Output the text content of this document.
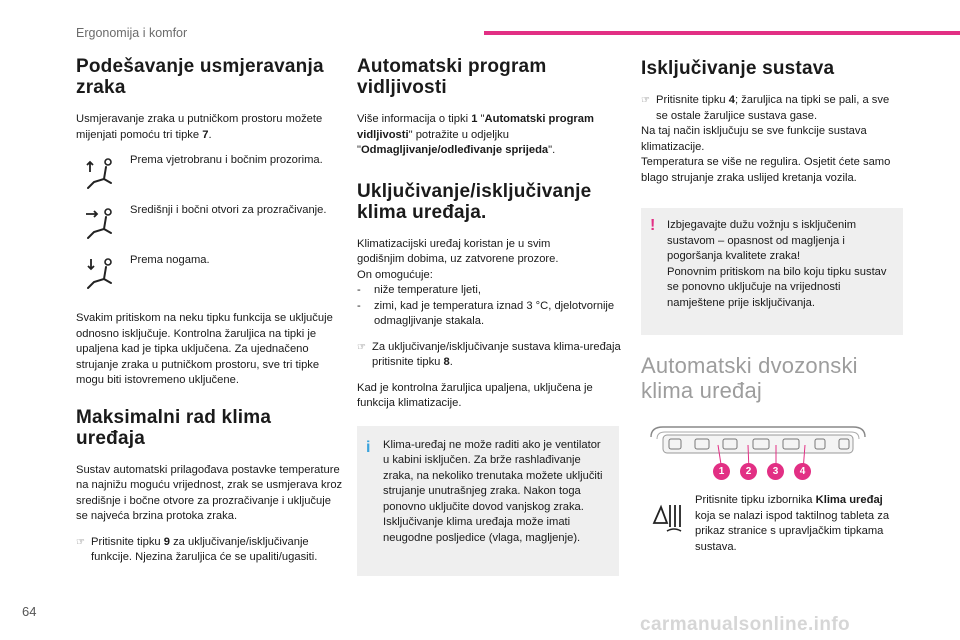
Ergonomija i komfor
Podešavanje usmjeravanja zraka

Usmjeravanje zraka u putničkom prostoru možete mijenjati pomoću tri tipke 7.

Prema vjetrobranu i bočnim prozorima.
Središnji i bočni otvori za prozračivanje.
Prema nogama.

Svakim pritiskom na neku tipku funkcija se uključuje odnosno isključuje. Kontrolna žaruljica na tipki je upaljena kad je tipka uključena. Za ujednačeno strujanje zraka u putničkom prostoru, sve tri tipke mogu biti istovremeno uključene.

Maksimalni rad klima uređaja

Sustav automatski prilagođava postavke temperature na najnižu moguću vrijednost, zrak se usmjerava kroz središnje i bočne otvore za prozračivanje i uključuje se najveća brzina protoka zraka.

☞ Pritisnite tipku 9 za uključivanje/isključivanje funkcije. Njezina žaruljica će se upaliti/ugasiti.
Automatski program vidljivosti

Više informacija o tipki 1 "Automatski program vidljivosti" potražite u odjeljku "Odmagljivanje/odleđivanje sprijeda".

Uključivanje/isključivanje klima uređaja.

Klimatizacijski uređaj koristan je u svim godišnjim dobima, uz zatvorene prozore.

On omogućuje:

- niže temperature ljeti,
- zimi, kad je temperatura iznad 3 °C, djelotvornije odmagljivanje stakala.
☞ Za uključivanje/isključivanje sustava klima-uređaja pritisnite tipku 8.

Kad je kontrolna žaruljica upaljena, uključena je funkcija klimatizacije.

i Klima-uređaj ne može raditi ako je ventilator u kabini isključen. Za brže rashlađivanje zraka, na nekoliko trenutaka možete uključiti strujanje unutrašnjeg zraka. Nakon toga ponovno uključite dovod vanjskog zraka. Isključivanje klima uređaja može imati neugodne posljedice (vlaga, magljenje).

Isključivanje sustava
☞ Pritisnite tipku 4; žaruljica na tipki se pali, a sve se ostale žaruljice sustava gase.

Na taj način isključuju se sve funkcije sustava klimatizacije.

Temperatura se više ne regulira. Osjetit ćete samo blago strujanje zraka uslijed kretanja vozila.

! Izbjegavajte dužu vožnju s isključenim sustavom – opasnost od magljenja i pogoršanja kvalitete zraka!

Ponovnim pritiskom na bilo koju tipku sustav se ponovno uključuje na vrijednosti namještene prije isključivanja.

Automatski dvozonski klima uređaj
1	2	3	4
Pritisnite tipku izbornika Klima uređaj koja se nalazi ispod taktilnog tableta za prikaz stranice s upravljačkim tipkama sustava.
64
carmanualsonline.info
